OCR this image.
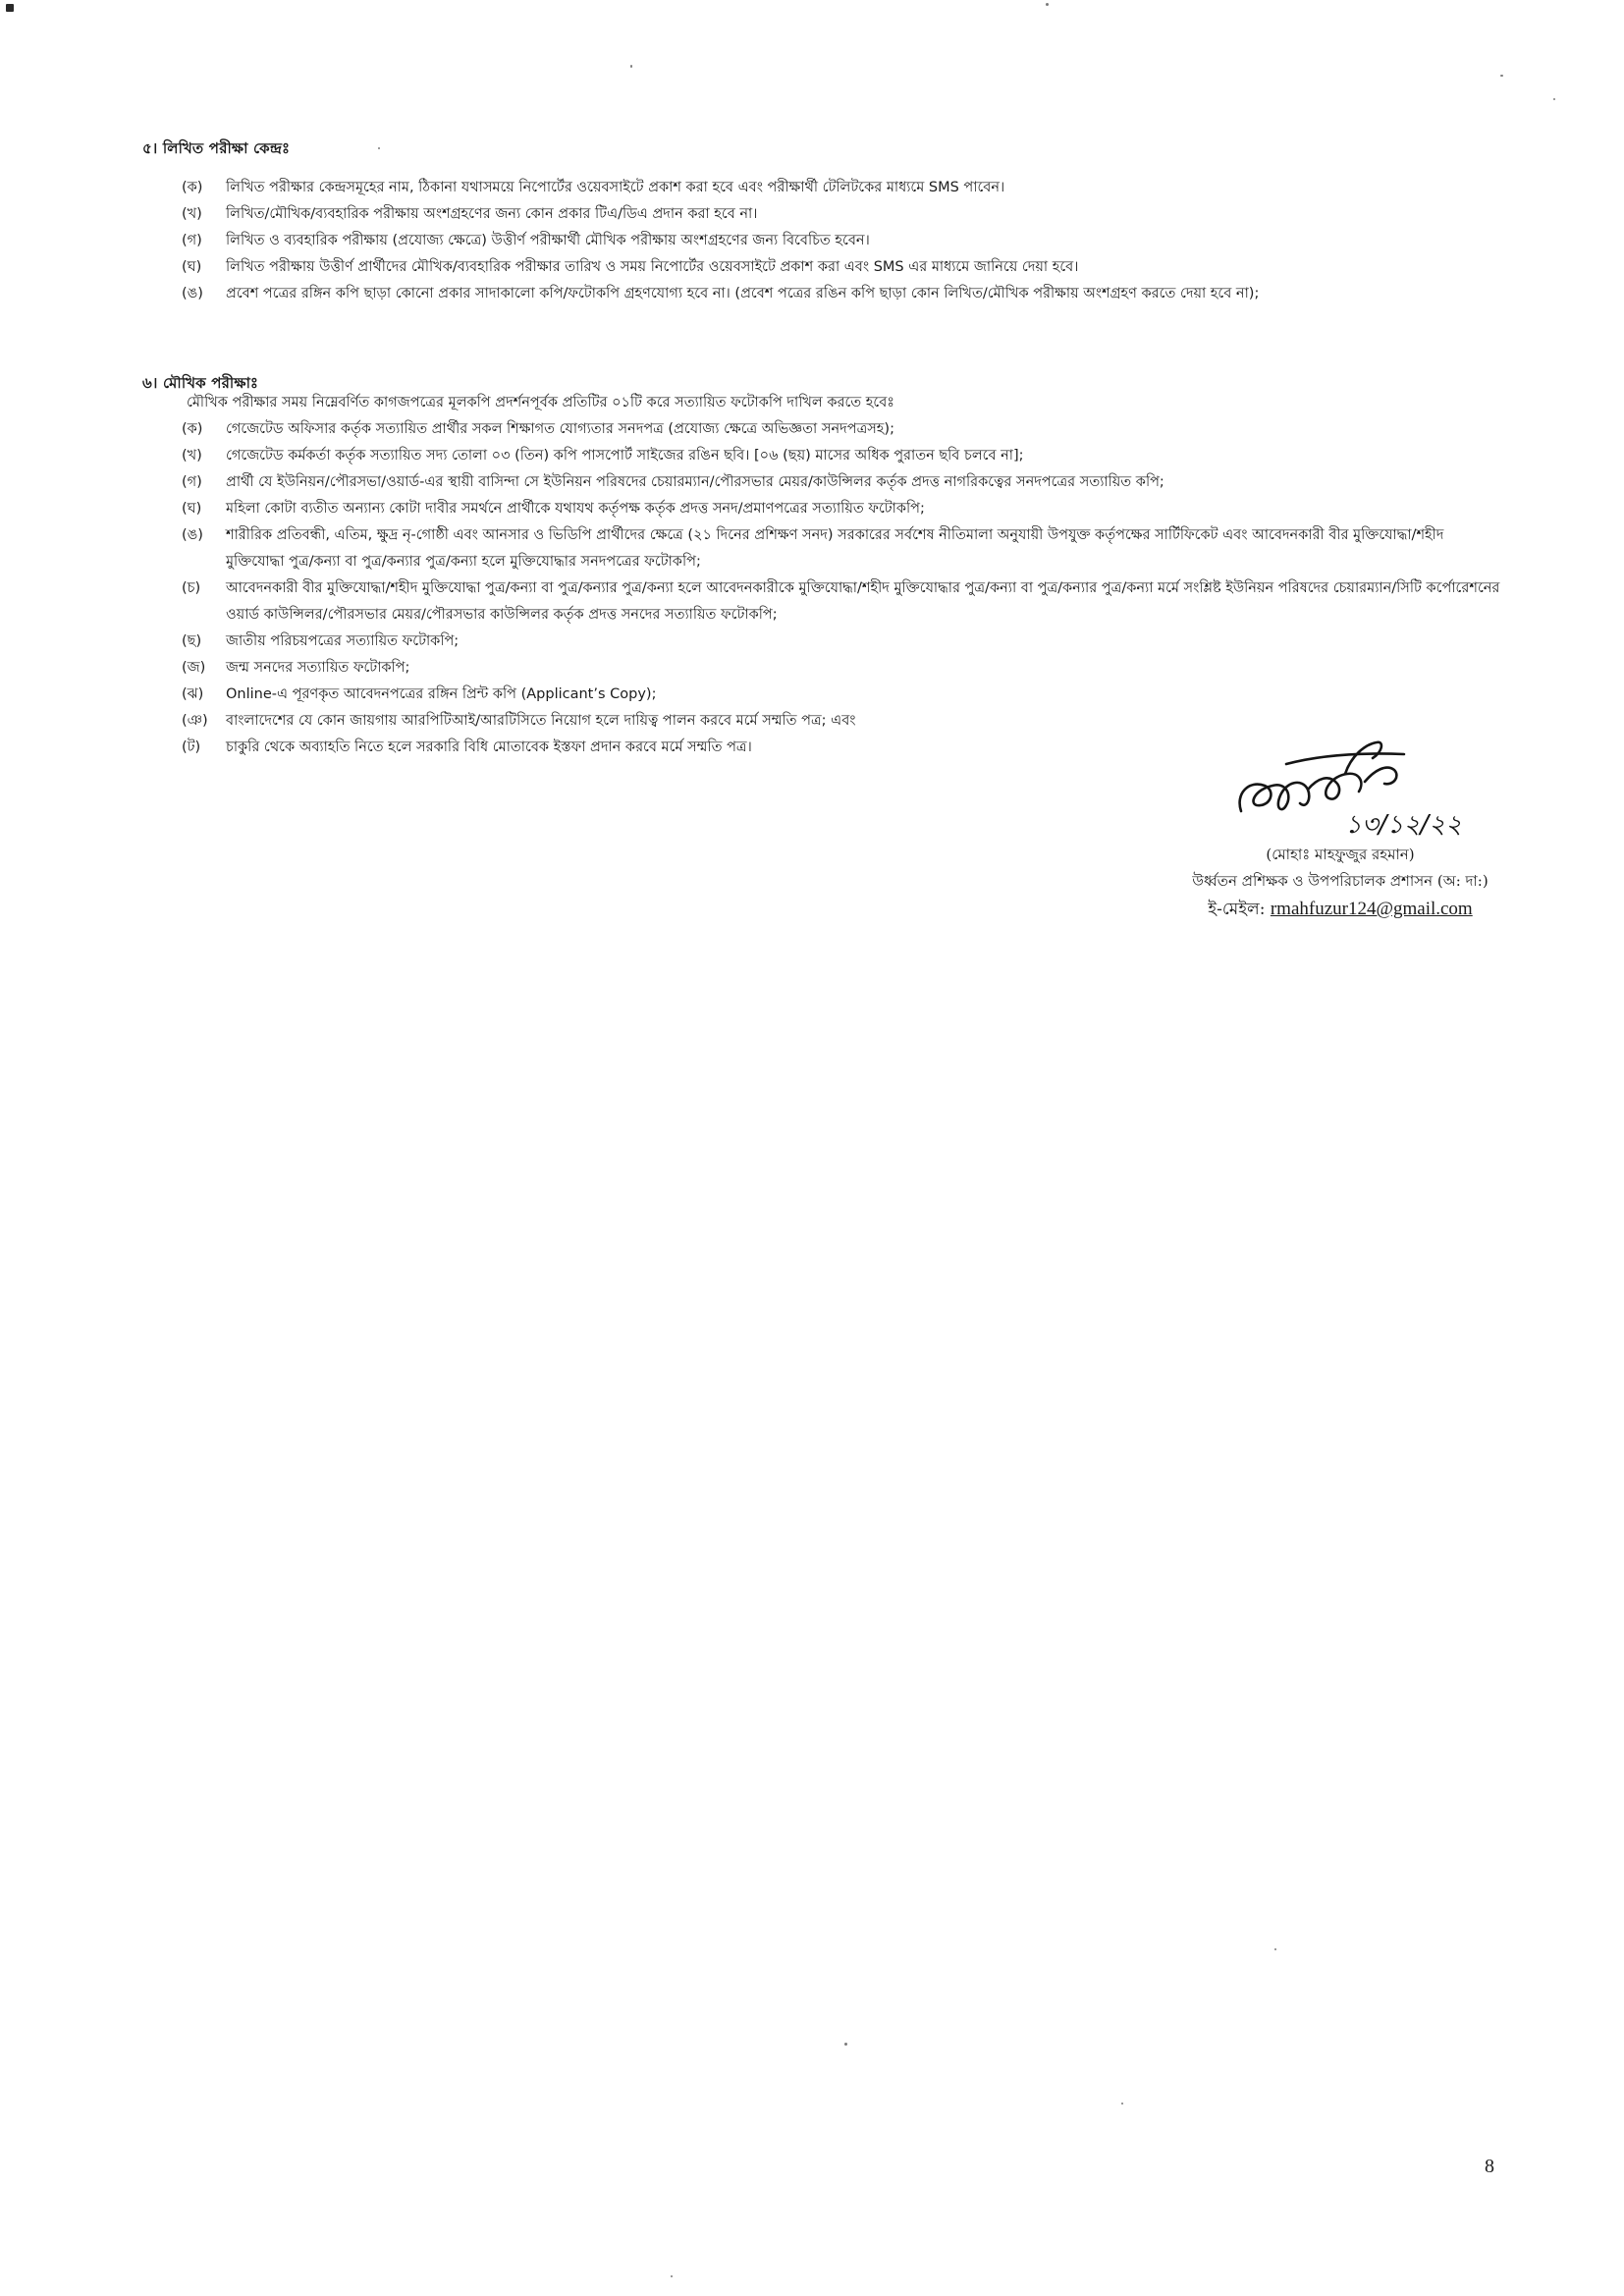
৫। লিখিত পরীক্ষা কেন্দ্রঃ
(ক)	লিখিত পরীক্ষার কেন্দ্রসমূহের নাম, ঠিকানা যথাসময়ে নিপোর্টের ওয়েবসাইটে প্রকাশ করা হবে এবং পরীক্ষার্থী টেলিটকের মাধ্যমে SMS পাবেন।
(খ)	লিখিত/মৌখিক/ব্যবহারিক পরীক্ষায় অংশগ্রহণের জন্য কোন প্রকার টিএ/ডিএ প্রদান করা হবে না।
(গ)	লিখিত ও ব্যবহারিক পরীক্ষায় (প্রযোজ্য ক্ষেত্রে) উত্তীর্ণ পরীক্ষার্থী মৌখিক পরীক্ষায় অংশগ্রহণের জন্য বিবেচিত হবেন।
(ঘ)	লিখিত পরীক্ষায় উত্তীর্ণ প্রার্থীদের মৌখিক/ব্যবহারিক পরীক্ষার তারিখ ও সময় নিপোর্টের ওয়েবসাইটে প্রকাশ করা এবং SMS এর মাধ্যমে জানিয়ে দেয়া হবে।
(ঙ)	প্রবেশ পত্রের রঙ্গিন কপি ছাড়া কোনো প্রকার সাদাকালো কপি/ফটোকপি গ্রহণযোগ্য হবে না। (প্রবেশ পত্রের রঙিন কপি ছাড়া কোন লিখিত/মৌখিক পরীক্ষায় অংশগ্রহণ করতে দেয়া হবে না);
৬। মৌখিক পরীক্ষাঃ
মৌখিক পরীক্ষার সময় নিম্নেবর্ণিত কাগজপত্রের মূলকপি প্রদর্শনপূর্বক প্রতিটির ০১টি করে সত্যায়িত ফটোকপি দাখিল করতে হবেঃ
(ক)	গেজেটেড অফিসার কর্তৃক সত্যায়িত প্রার্থীর সকল শিক্ষাগত যোগ্যতার সনদপত্র (প্রযোজ্য ক্ষেত্রে অভিজ্ঞতা সনদপত্রসহ);
(খ)	গেজেটেড কর্মকর্তা কর্তৃক সত্যায়িত সদ্য তোলা ০৩ (তিন) কপি পাসপোর্ট সাইজের রঙিন ছবি। [০৬ (ছয়) মাসের অধিক পুরাতন ছবি চলবে না];
(গ)	প্রার্থী যে ইউনিয়ন/পৌরসভা/ওয়ার্ড-এর স্থায়ী বাসিন্দা সে ইউনিয়ন পরিষদের চেয়ারম্যান/পৌরসভার মেয়র/কাউন্সিলর কর্তৃক প্রদত্ত নাগরিকত্বের সনদপত্রের সত্যায়িত কপি;
(ঘ)	মহিলা কোটা ব্যতীত অন্যান্য কোটা দাবীর সমর্থনে প্রার্থীকে যথাযথ কর্তৃপক্ষ কর্তৃক প্রদত্ত সনদ/প্রমাণপত্রের সত্যায়িত ফটোকপি;
(ঙ)	শারীরিক প্রতিবন্ধী, এতিম, ক্ষুদ্র নৃ-গোষ্ঠী এবং আনসার ও ভিডিপি প্রার্থীদের ক্ষেত্রে (২১ দিনের প্রশিক্ষণ সনদ) সরকারের সর্বশেষ নীতিমালা অনুযায়ী উপযুক্ত কর্তৃপক্ষের সার্টিফিকেট এবং আবেদনকারী বীর মুক্তিযোদ্ধা/শহীদ মুক্তিযোদ্ধা পুত্র/কন্যা বা পুত্র/কন্যার পুত্র/কন্যা হলে মুক্তিযোদ্ধার সনদপত্রের ফটোকপি;
(চ)	আবেদনকারী বীর মুক্তিযোদ্ধা/শহীদ মুক্তিযোদ্ধা পুত্র/কন্যা বা পুত্র/কন্যার পুত্র/কন্যা হলে আবেদনকারীকে মুক্তিযোদ্ধা/শহীদ মুক্তিযোদ্ধার পুত্র/কন্যা বা পুত্র/কন্যার পুত্র/কন্যা মর্মে সংশ্লিষ্ট ইউনিয়ন পরিষদের চেয়ারম্যান/সিটি কর্পোরেশনের ওয়ার্ড কাউন্সিলর/পৌরসভার মেয়র/পৌরসভার কাউন্সিলর কর্তৃক প্রদত্ত সনদের সত্যায়িত ফটোকপি;
(ছ)	জাতীয় পরিচয়পত্রের সত্যায়িত ফটোকপি;
(জ)	জন্ম সনদের সত্যায়িত ফটোকপি;
(ঝ)	Online-এ পূরণকৃত আবেদনপত্রের রঙ্গিন প্রিন্ট কপি (Applicant’s Copy);
(ঞ)	বাংলাদেশের যে কোন জায়গায় আরপিটিআই/আরটিসিতে নিয়োগ হলে দায়িত্ব পালন করবে মর্মে সম্মতি পত্র; এবং
(ট)	চাকুরি থেকে অব্যাহতি নিতে হলে সরকারি বিধি মোতাবেক ইস্তফা প্রদান করবে মর্মে সম্মতি পত্র।
১৩/১২/২২
(মোহাঃ মাহফুজুর রহমান)
উর্ধ্বতন প্রশিক্ষক ও উপপরিচালক প্রশাসন (অ: দা:)
ই-মেইল: rmahfuzur124@gmail.com
8
